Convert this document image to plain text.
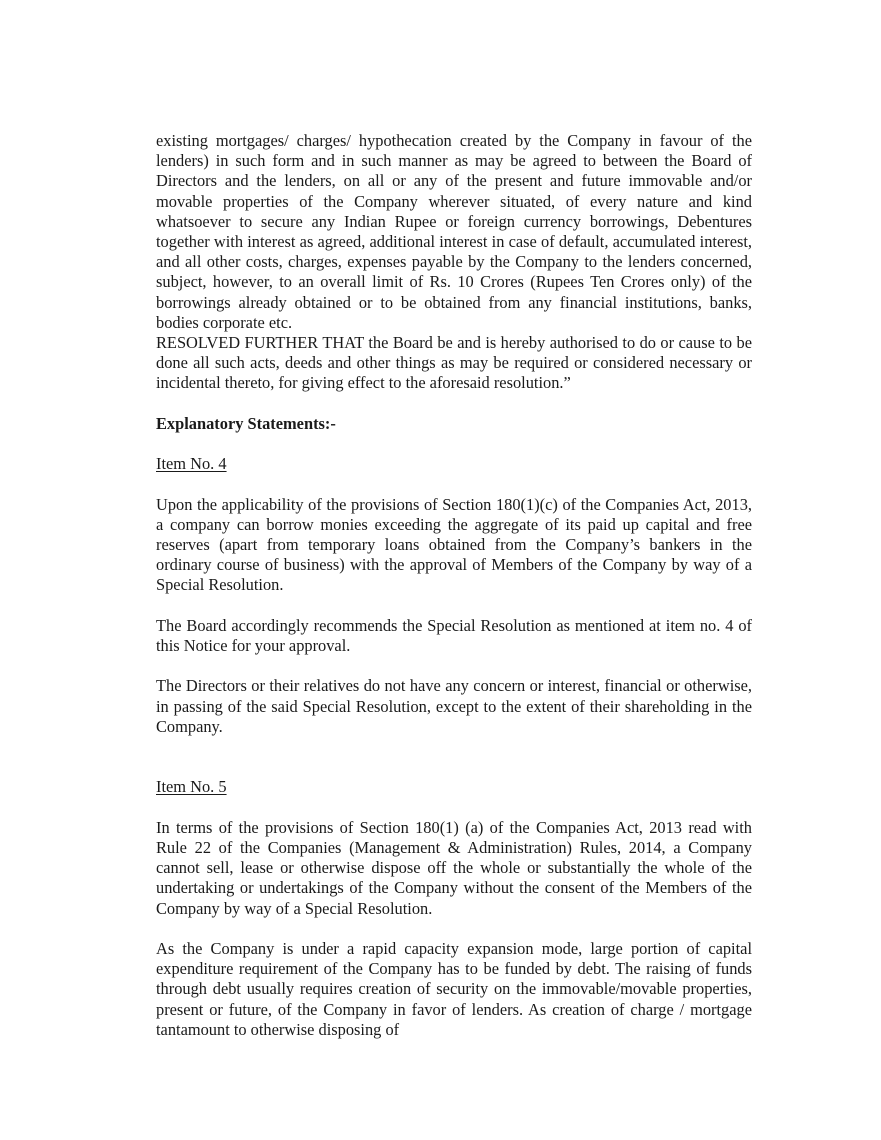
existing mortgages/ charges/ hypothecation created by the Company in favour of the lenders) in such form and in such manner as may be agreed to between the Board of Directors and the lenders, on all or any of the present and future immovable and/or movable properties of the Company wherever situated, of every nature and kind whatsoever to secure any Indian Rupee or foreign currency borrowings, Debentures together with interest as agreed, additional interest in case of default, accumulated interest, and all other costs, charges, expenses payable by the Company to the lenders concerned, subject, however, to an overall limit of Rs. 10 Crores (Rupees Ten Crores only) of the borrowings already obtained or to be obtained from any financial institutions, banks, bodies corporate etc.

RESOLVED FURTHER THAT the Board be and is hereby authorised to do or cause to be done all such acts, deeds and other things as may be required or considered necessary or incidental thereto, for giving effect to the aforesaid resolution.”

Explanatory Statements:-

Item No. 4

Upon the applicability of the provisions of Section 180(1)(c) of the Companies Act, 2013, a company can borrow monies exceeding the aggregate of its paid up capital and free reserves (apart from temporary loans obtained from the Company’s bankers in the ordinary course of business) with the approval of Members of the Company by way of a Special Resolution.

The Board accordingly recommends the Special Resolution as mentioned at item no. 4 of this Notice for your approval.

The Directors or their relatives do not have any concern or interest, financial or otherwise, in passing of the said Special Resolution, except to the extent of their shareholding in the Company.

Item No. 5

In terms of the provisions of Section 180(1) (a) of the Companies Act, 2013 read with Rule 22 of the Companies (Management & Administration) Rules, 2014, a Company cannot sell, lease or otherwise dispose off the whole or substantially the whole of the undertaking or undertakings of the Company without the consent of the Members of the Company by way of a Special Resolution.

As the Company is under a rapid capacity expansion mode, large portion of capital expenditure requirement of the Company has to be funded by debt. The raising of funds through debt usually requires creation of security on the immovable/movable properties, present or future, of the Company in favor of lenders. As creation of charge / mortgage tantamount to otherwise disposing of
